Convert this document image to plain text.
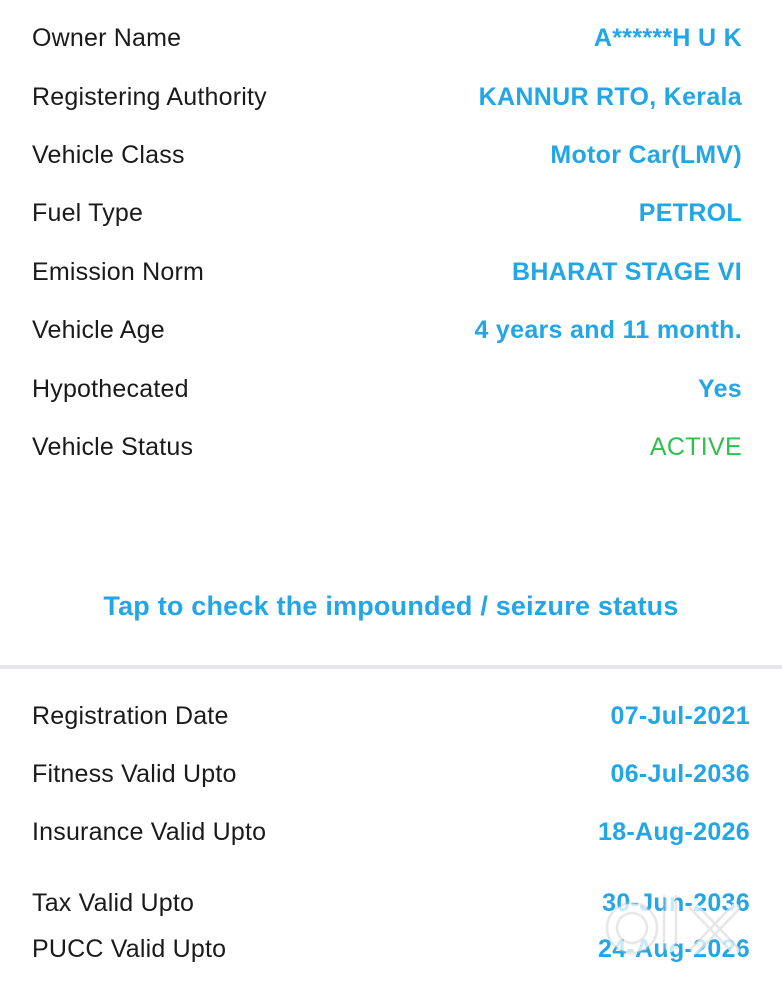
Owner Name	A******H U K
Registering Authority	KANNUR RTO, Kerala
Vehicle Class	Motor Car(LMV)
Fuel Type	PETROL
Emission Norm	BHARAT STAGE VI
Vehicle Age	4 years and 11 month.
Hypothecated	Yes
Vehicle Status	ACTIVE
Tap to check the impounded / seizure status
Registration Date	07-Jul-2021
Fitness Valid Upto	06-Jul-2036
Insurance Valid Upto	18-Aug-2026
Tax Valid Upto	30-Jun-2036
PUCC Valid Upto	24-Aug-2026
